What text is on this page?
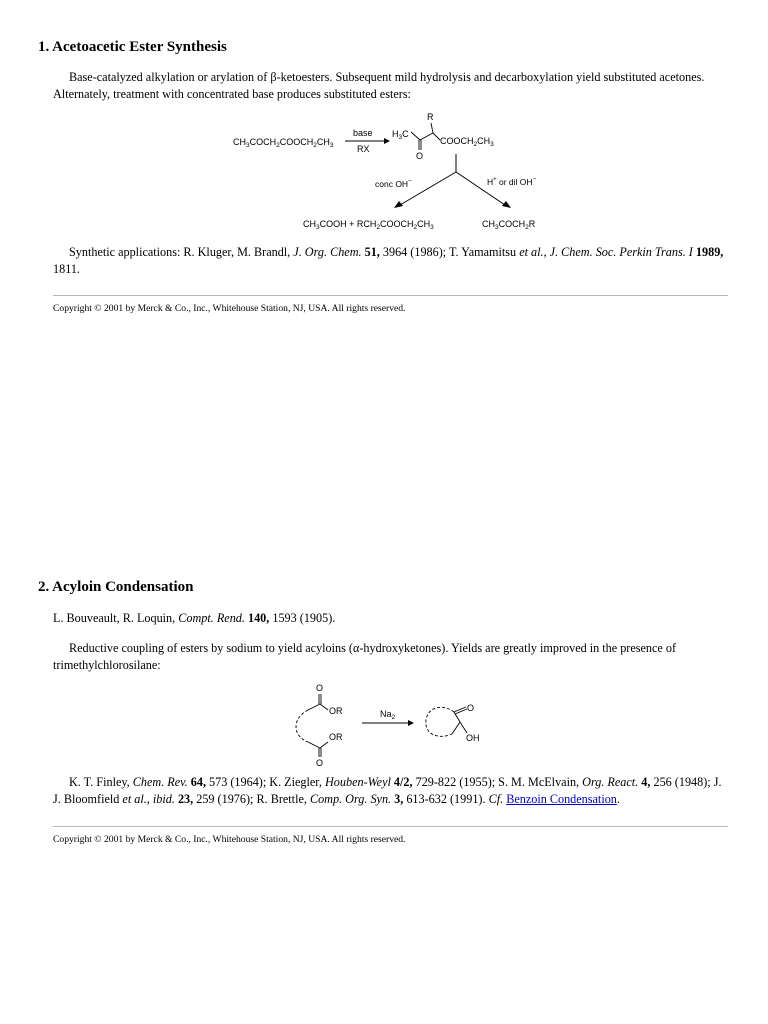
1. Acetoacetic Ester Synthesis

Base-catalyzed alkylation or arylation of β-ketoesters. Subsequent mild hydrolysis and decarboxylation yield substituted acetones. Alternately, treatment with concentrated base produces substituted esters:

$CH_3COCH_2COOCH_2CH_3$
base
RX
R
$H_3C$
O
$COOCH_2CH_3$
conc OH−	H+ or dil OH−
$CH_3COOH$ + $RCH_2COOCH_2CH_3$	$CH_3COCH_2R$

Synthetic applications: R. Kluger, M. Brandl, J. Org. Chem. 51, 3964 (1986); T. Yamamitsu et al., J. Chem. Soc. Perkin Trans. I 1989, 1811.

Copyright © 2001 by Merck & Co., Inc., Whitehouse Station, NJ, USA. All rights reserved.

2. Acyloin Condensation

L. Bouveault, R. Loquin, Compt. Rend. 140, 1593 (1905).

Reductive coupling of esters by sodium to yield acyloins (α-hydroxyketones). Yields are greatly improved in the presence of trimethylchlorosilane:

O
OR
OR
O
$Na_2$
O
OH

K. T. Finley, Chem. Rev. 64, 573 (1964); K. Ziegler, Houben-Weyl 4/2, 729-822 (1955); S. M. McElvain, Org. React. 4, 256 (1948); J. J. Bloomfield et al., ibid. 23, 259 (1976); R. Brettle, Comp. Org. Syn. 3, 613-632 (1991). Cf. Benzoin Condensation.

Copyright © 2001 by Merck & Co., Inc., Whitehouse Station, NJ, USA. All rights reserved.
